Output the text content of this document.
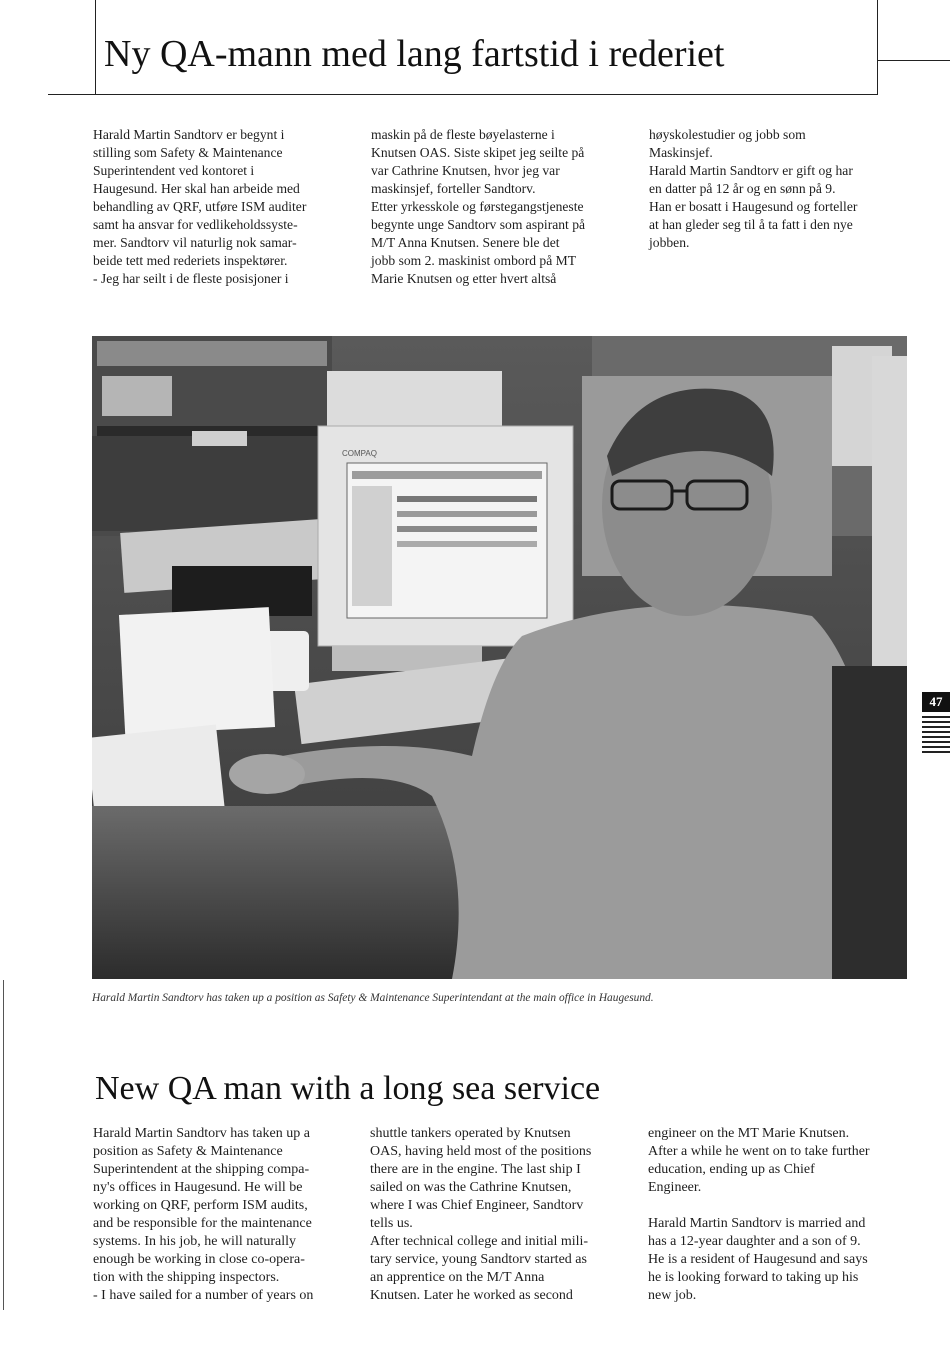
Ny QA-mann med lang fartstid i rederiet

Harald Martin Sandtorv er begynt i

stilling som Safety & Maintenance

Superintendent ved kontoret i

Haugesund. Her skal han arbeide med

behandling av QRF, utføre ISM auditer

samt ha ansvar for vedlikeholdssyste-

mer. Sandtorv vil naturlig nok samar-

beide tett med rederiets inspektører.

- Jeg har seilt i de fleste posisjoner i

maskin på de fleste bøyelasterne i

Knutsen OAS. Siste skipet jeg seilte på

var Cathrine Knutsen, hvor jeg var

maskinsjef, forteller Sandtorv.

Etter yrkesskole og førstegangstjeneste

begynte unge Sandtorv som aspirant på

M/T Anna Knutsen. Senere ble det

jobb som 2. maskinist ombord på MT

Marie Knutsen og etter hvert altså

høyskolestudier og jobb som

Maskinsjef.

Harald Martin Sandtorv er gift og har

en datter på 12 år og en sønn på 9.

Han er bosatt i Haugesund og forteller

at han gleder seg til å ta fatt i den nye

jobben.

COMPAQ
Harald Martin Sandtorv has taken up a position as Safety & Maintenance Superintendant at the main office in Haugesund.
New QA man with a long sea service

Harald Martin Sandtorv has taken up a

position as Safety & Maintenance

Superintendent at the shipping compa-

ny's offices in Haugesund. He will be

working on QRF, perform ISM audits,

and be responsible for the maintenance

systems. In his job, he will naturally

enough be working in close co-opera-

tion with the shipping inspectors.

- I have sailed for a number of years on

shuttle tankers operated by Knutsen

OAS, having held most of the positions

there are in the engine. The last ship I

sailed on was the Cathrine Knutsen,

where I was Chief Engineer, Sandtorv

tells us.

After technical college and initial mili-

tary service, young Sandtorv started as

an apprentice on the M/T Anna

Knutsen. Later he worked as second

engineer on the MT Marie Knutsen.

After a while he went on to take further

education, ending up as Chief

Engineer.

Harald Martin Sandtorv is married and

has a 12-year daughter and a son of 9.

He is a resident of Haugesund and says

he is looking forward to taking up his

new job.

47
